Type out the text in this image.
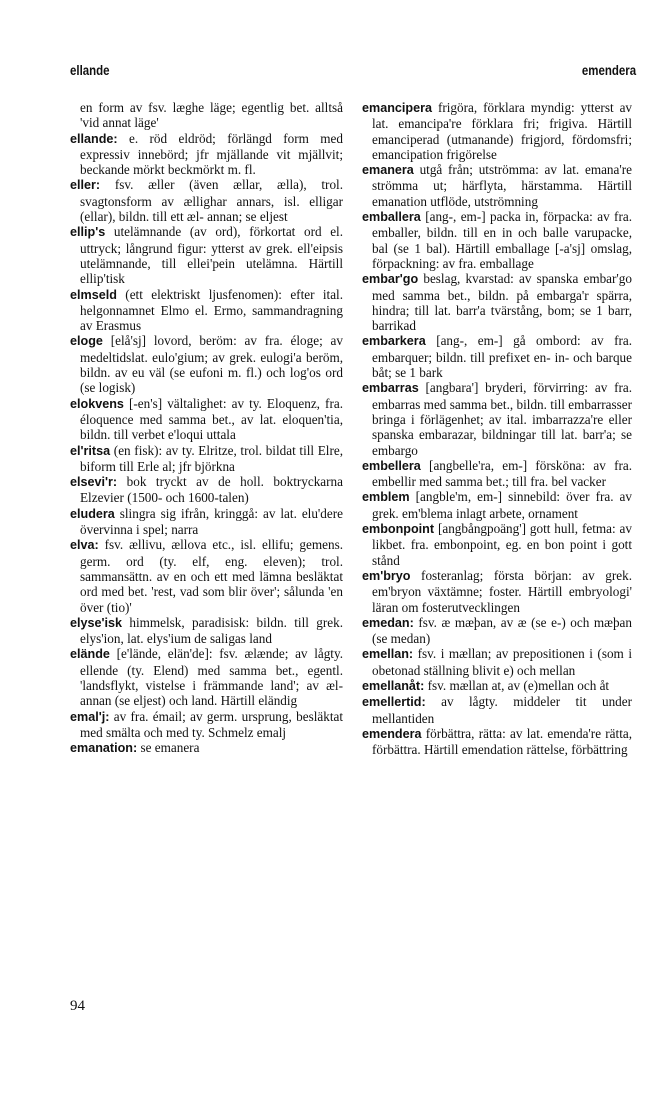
ellande	emendera

en form av fsv. læghe läge; egentlig bet. alltså 'vid annat läge'

ellande: e. röd eldröd; förlängd form med expressiv innebörd; jfr mjällande vit mjällvit; beckande mörkt beckmörkt m. fl.

eller: fsv. æller (även ællar, ælla), trol. svagtonsform av ællighar annars, isl. elligar (ellar), bildn. till ett æl- annan; se eljest

ellip's utelämnande (av ord), förkortat ord el. uttryck; långrund figur: ytterst av grek. ell'eipsis utelämnande, till ellei'pein utelämna. Härtill ellip'tisk

elmseld (ett elektriskt ljusfenomen): efter ital. helgonnamnet Elmo el. Ermo, sammandragning av Erasmus

eloge [elå'sj] lovord, beröm: av fra. éloge; av medeltidslat. eulo'gium; av grek. eulogi'a beröm, bildn. av eu väl (se eufoni m. fl.) och log'os ord (se logisk)

elokvens [-en's] vältalighet: av ty. Eloquenz, fra. éloquence med samma bet., av lat. eloquen'tia, bildn. till verbet e'loqui uttala

el'ritsa (en fisk): av ty. Elritze, trol. bildat till Elre, biform till Erle al; jfr björkna

elsevi'r: bok tryckt av de holl. boktryckarna Elzevier (1500- och 1600-talen)

eludera slingra sig ifrån, kringgå: av lat. elu'dere övervinna i spel; narra

elva: fsv. ællivu, ællova etc., isl. ellifu; gemens. germ. ord (ty. elf, eng. eleven); trol. sammansättn. av en och ett med lämna besläktat ord med bet. 'rest, vad som blir över'; sålunda 'en över (tio)'

elyse'isk himmelsk, paradisisk: bildn. till grek. elys'ion, lat. elys'ium de saligas land

elände [e'lände, elän'de]: fsv. ælænde; av lågty. ellende (ty. Elend) med samma bet., egentl. 'landsflykt, vistelse i främmande land'; av æl- annan (se eljest) och land. Härtill eländig

emal'j: av fra. émail; av germ. ursprung, besläktat med smälta och med ty. Schmelz emalj

emanation: se emanera

emancipera frigöra, förklara myndig: ytterst av lat. emancipa're förklara fri; frigiva. Härtill emanciperad (utmanande) frigjord, fördomsfri; emancipation frigörelse

emanera utgå från; utströmma: av lat. emana're strömma ut; härflyta, härstamma. Härtill emanation utflöde, utströmning

emballera [ang-, em-] packa in, förpacka: av fra. emballer, bildn. till en in och balle varupacke, bal (se 1 bal). Härtill emballage [-a'sj] omslag, förpackning: av fra. emballage

embar'go beslag, kvarstad: av spanska embar'go med samma bet., bildn. på embarga'r spärra, hindra; till lat. barr'a tvärstång, bom; se 1 barr, barrikad

embarkera [ang-, em-] gå ombord: av fra. embarquer; bildn. till prefixet en- in- och barque båt; se 1 bark

embarras [angbara'] bryderi, förvirring: av fra. embarras med samma bet., bildn. till embarrasser bringa i förlägenhet; av ital. imbarrazza're eller spanska embarazar, bildningar till lat. barr'a; se embargo

embellera [angbelle'ra, em-] försköna: av fra. embellir med samma bet.; till fra. bel vacker

emblem [angble'm, em-] sinnebild: över fra. av grek. em'blema inlagt arbete, ornament

embonpoint [angbångpoäng'] gott hull, fetma: av likbet. fra. embonpoint, eg. en bon point i gott stånd

em'bryo fosteranlag; första början: av grek. em'bryon växtämne; foster. Härtill embryologi' läran om fosterutvecklingen

emedan: fsv. æ mæþan, av æ (se e-) och mæþan (se medan)

emellan: fsv. i mællan; av prepositionen i (som i obetonad ställning blivit e) och mellan

emellanåt: fsv. mællan at, av (e)mellan och åt

emellertid: av lågty. middeler tit under mellantiden

emendera förbättra, rätta: av lat. emenda're rätta, förbättra. Härtill emendation rättelse, förbättring

94
